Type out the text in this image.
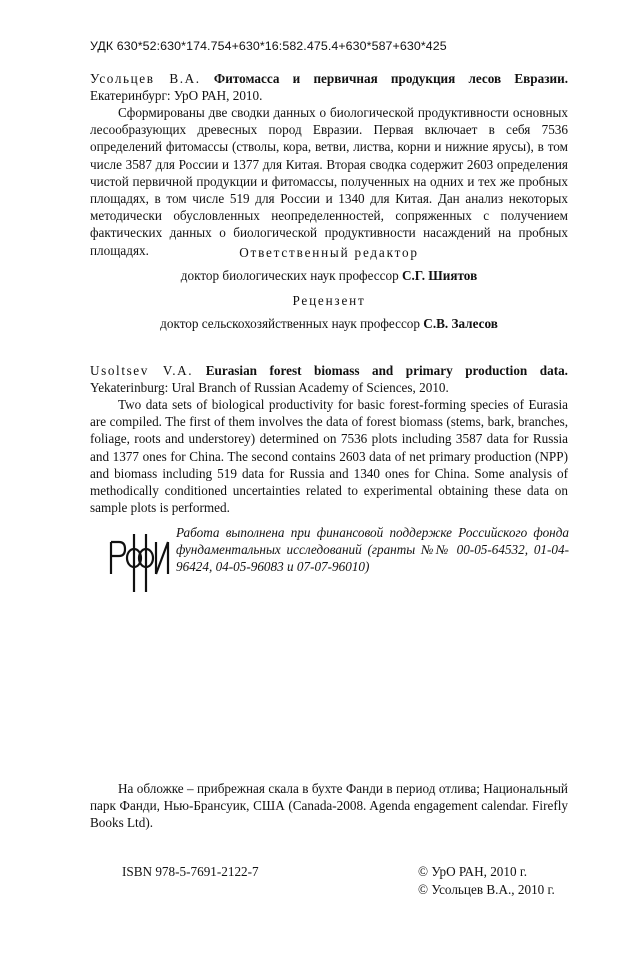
УДК 630*52:630*174.754+630*16:582.475.4+630*587+630*425
Усольцев В.А. Фитомасса и первичная продукция лесов Евразии. Екатеринбург: УрО РАН, 2010.
Сформированы две сводки данных о биологической продуктивности основных лесообразующих древесных пород Евразии. Первая включает в себя 7536 определений фитомассы (стволы, кора, ветви, листва, корни и нижние ярусы), в том числе 3587 для России и 1377 для Китая. Вторая сводка содержит 2603 определения чистой первичной продукции и фитомассы, полученных на одних и тех же пробных площадях, в том числе 519 для России и 1340 для Китая. Дан анализ некоторых методически обусловленных неопределенностей, сопряженных с получением фактических данных о биологической продуктивности насаждений на пробных площадях.	Ответственный редактор
доктор биологических наук профессор С.Г. Шиятов
Рецензент
доктор сельскохозяйственных наук профессор С.В. Залесов
Usoltsev V.A. Eurasian forest biomass and primary production data. Yekaterinburg: Ural Branch of Russian Academy of Sciences, 2010.
Two data sets of biological productivity for basic forest-forming species of Eurasia are compiled. The first of them involves the data of forest biomass (stems, bark, branches, foliage, roots and understorey) determined on 7536 plots including 3587 data for Russia and 1377 ones for China. The second contains 2603 data of net primary production (NPP) and biomass including 519 data for Russia and 1340 ones for China. Some analysis of methodically conditioned uncertainties related to experimental obtaining these data on sample plots is performed.
Работа выполнена при финансовой поддержке Российского фонда фундаментальных исследований (гранты №№ 00-05-64532, 01-04-96424, 04-05-96083 и 07-07-96010)
На обложке – прибрежная скала в бухте Фанди в период отлива; Национальный парк Фанди, Нью-Брансуик, США (Canada-2008. Agenda engagement calendar. Firefly Books Ltd).
ISBN 978-5-7691-2122-7	© УрО РАН, 2010 г.
© Усольцев В.А., 2010 г.
